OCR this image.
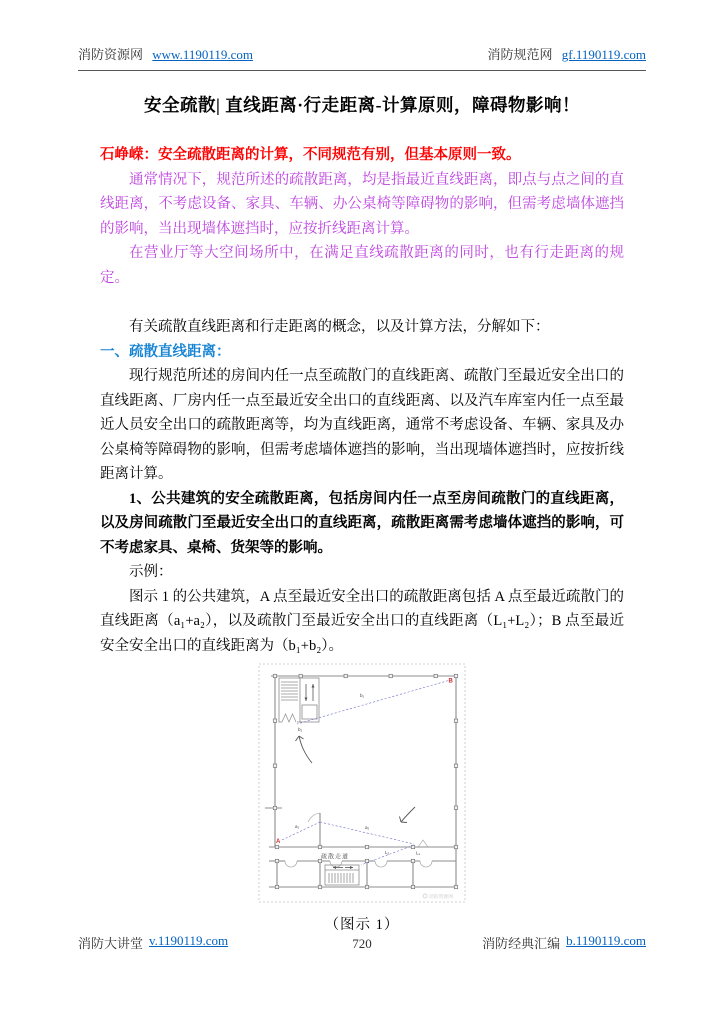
消防资源网 www.1190119.com	消防规范网 gf.1190119.com
安全疏散| 直线距离·行走距离-计算原则，障碍物影响！

石峥嵘：安全疏散距离的计算，不同规范有别，但基本原则一致。

通常情况下，规范所述的疏散距离，均是指最近直线距离，即点与点之间的直线距离，不考虑设备、家具、车辆、办公桌椅等障碍物的影响，但需考虑墙体遮挡的影响，当出现墙体遮挡时，应按折线距离计算。

在营业厅等大空间场所中，在满足直线疏散距离的同时，也有行走距离的规定。

有关疏散直线距离和行走距离的概念，以及计算方法，分解如下：

一、疏散直线距离：

现行规范所述的房间内任一点至疏散门的直线距离、疏散门至最近安全出口的直线距离、厂房内任一点至最近安全出口的直线距离、以及汽车库室内任一点至最近人员安全出口的疏散距离等，均为直线距离，通常不考虑设备、车辆、家具及办公桌椅等障碍物的影响，但需考虑墙体遮挡的影响，当出现墙体遮挡时，应按折线距离计算。

1、公共建筑的安全疏散距离，包括房间内任一点至房间疏散门的直线距离，以及房间疏散门至最近安全出口的直线距离，疏散距离需考虑墙体遮挡的影响，可不考虑家具、桌椅、货架等的影响。

示例：

图示 1 的公共建筑，A 点至最近安全出口的疏散距离包括 A 点至最近疏散门的直线距离（a₁+a₂），以及疏散门至最近安全出口的直线距离（L₁+L₂）；B 点至最近安全安全出口的直线距离为（b₁+b₂）。

B
A
b₁
b₂
a₁	a₂
L₁
L₂
疏散走道
消防资源网
（图示 1）
消防大讲堂 v.1190119.com	720	消防经典汇编 b.1190119.com
